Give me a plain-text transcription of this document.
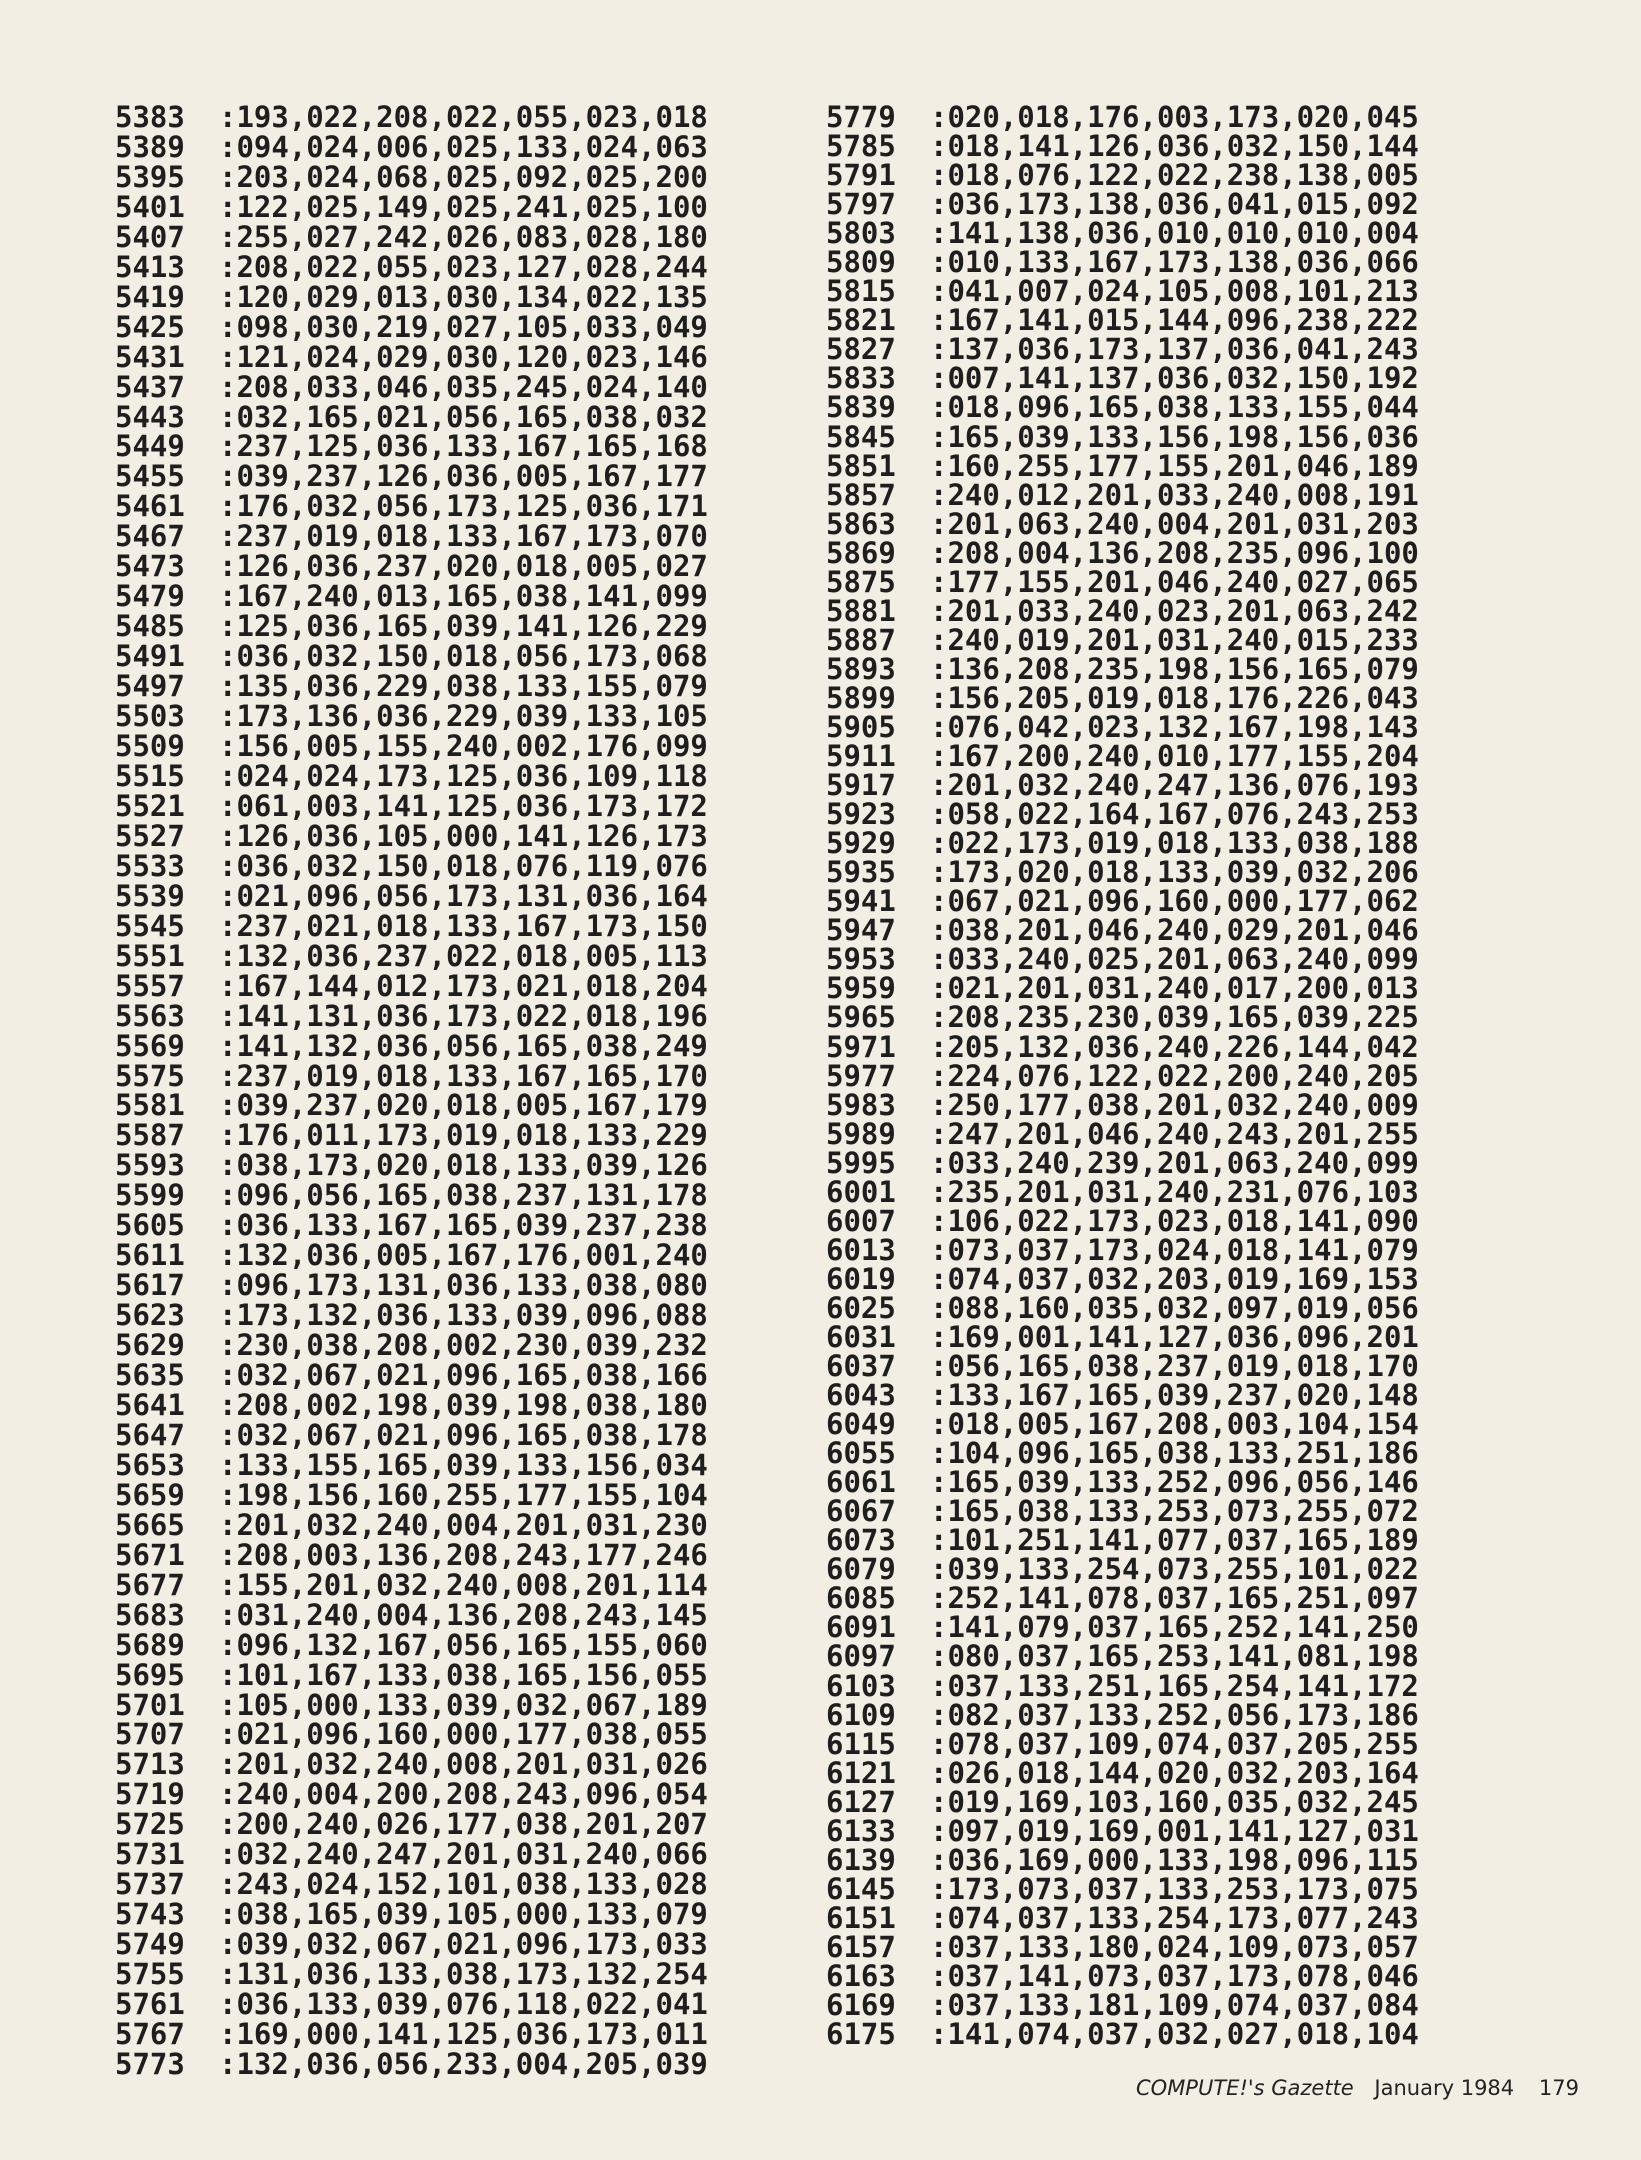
5383 :193,022,208,022,055,023,018
5389 :094,024,006,025,133,024,063
5395 :203,024,068,025,092,025,200
5401 :122,025,149,025,241,025,100
5407 :255,027,242,026,083,028,180
5413 :208,022,055,023,127,028,244
5419 :120,029,013,030,134,022,135
5425 :098,030,219,027,105,033,049
5431 :121,024,029,030,120,023,146
5437 :208,033,046,035,245,024,140
5443 :032,165,021,056,165,038,032
5449 :237,125,036,133,167,165,168
5455 :039,237,126,036,005,167,177
5461 :176,032,056,173,125,036,171
5467 :237,019,018,133,167,173,070
5473 :126,036,237,020,018,005,027
5479 :167,240,013,165,038,141,099
5485 :125,036,165,039,141,126,229
5491 :036,032,150,018,056,173,068
5497 :135,036,229,038,133,155,079
5503 :173,136,036,229,039,133,105
5509 :156,005,155,240,002,176,099
5515 :024,024,173,125,036,109,118
5521 :061,003,141,125,036,173,172
5527 :126,036,105,000,141,126,173
5533 :036,032,150,018,076,119,076
5539 :021,096,056,173,131,036,164
5545 :237,021,018,133,167,173,150
5551 :132,036,237,022,018,005,113
5557 :167,144,012,173,021,018,204
5563 :141,131,036,173,022,018,196
5569 :141,132,036,056,165,038,249
5575 :237,019,018,133,167,165,170
5581 :039,237,020,018,005,167,179
5587 :176,011,173,019,018,133,229
5593 :038,173,020,018,133,039,126
5599 :096,056,165,038,237,131,178
5605 :036,133,167,165,039,237,238
5611 :132,036,005,167,176,001,240
5617 :096,173,131,036,133,038,080
5623 :173,132,036,133,039,096,088
5629 :230,038,208,002,230,039,232
5635 :032,067,021,096,165,038,166
5641 :208,002,198,039,198,038,180
5647 :032,067,021,096,165,038,178
5653 :133,155,165,039,133,156,034
5659 :198,156,160,255,177,155,104
5665 :201,032,240,004,201,031,230
5671 :208,003,136,208,243,177,246
5677 :155,201,032,240,008,201,114
5683 :031,240,004,136,208,243,145
5689 :096,132,167,056,165,155,060
5695 :101,167,133,038,165,156,055
5701 :105,000,133,039,032,067,189
5707 :021,096,160,000,177,038,055
5713 :201,032,240,008,201,031,026
5719 :240,004,200,208,243,096,054
5725 :200,240,026,177,038,201,207
5731 :032,240,247,201,031,240,066
5737 :243,024,152,101,038,133,028
5743 :038,165,039,105,000,133,079
5749 :039,032,067,021,096,173,033
5755 :131,036,133,038,173,132,254
5761 :036,133,039,076,118,022,041
5767 :169,000,141,125,036,173,011
5773 :132,036,056,233,004,205,039
5779 :020,018,176,003,173,020,045
5785 :018,141,126,036,032,150,144
5791 :018,076,122,022,238,138,005
5797 :036,173,138,036,041,015,092
5803 :141,138,036,010,010,010,004
5809 :010,133,167,173,138,036,066
5815 :041,007,024,105,008,101,213
5821 :167,141,015,144,096,238,222
5827 :137,036,173,137,036,041,243
5833 :007,141,137,036,032,150,192
5839 :018,096,165,038,133,155,044
5845 :165,039,133,156,198,156,036
5851 :160,255,177,155,201,046,189
5857 :240,012,201,033,240,008,191
5863 :201,063,240,004,201,031,203
5869 :208,004,136,208,235,096,100
5875 :177,155,201,046,240,027,065
5881 :201,033,240,023,201,063,242
5887 :240,019,201,031,240,015,233
5893 :136,208,235,198,156,165,079
5899 :156,205,019,018,176,226,043
5905 :076,042,023,132,167,198,143
5911 :167,200,240,010,177,155,204
5917 :201,032,240,247,136,076,193
5923 :058,022,164,167,076,243,253
5929 :022,173,019,018,133,038,188
5935 :173,020,018,133,039,032,206
5941 :067,021,096,160,000,177,062
5947 :038,201,046,240,029,201,046
5953 :033,240,025,201,063,240,099
5959 :021,201,031,240,017,200,013
5965 :208,235,230,039,165,039,225
5971 :205,132,036,240,226,144,042
5977 :224,076,122,022,200,240,205
5983 :250,177,038,201,032,240,009
5989 :247,201,046,240,243,201,255
5995 :033,240,239,201,063,240,099
6001 :235,201,031,240,231,076,103
6007 :106,022,173,023,018,141,090
6013 :073,037,173,024,018,141,079
6019 :074,037,032,203,019,169,153
6025 :088,160,035,032,097,019,056
6031 :169,001,141,127,036,096,201
6037 :056,165,038,237,019,018,170
6043 :133,167,165,039,237,020,148
6049 :018,005,167,208,003,104,154
6055 :104,096,165,038,133,251,186
6061 :165,039,133,252,096,056,146
6067 :165,038,133,253,073,255,072
6073 :101,251,141,077,037,165,189
6079 :039,133,254,073,255,101,022
6085 :252,141,078,037,165,251,097
6091 :141,079,037,165,252,141,250
6097 :080,037,165,253,141,081,198
6103 :037,133,251,165,254,141,172
6109 :082,037,133,252,056,173,186
6115 :078,037,109,074,037,205,255
6121 :026,018,144,020,032,203,164
6127 :019,169,103,160,035,032,245
6133 :097,019,169,001,141,127,031
6139 :036,169,000,133,198,096,115
6145 :173,073,037,133,253,173,075
6151 :074,037,133,254,173,077,243
6157 :037,133,180,024,109,073,057
6163 :037,141,073,037,173,078,046
6169 :037,133,181,109,074,037,084
6175 :141,074,037,032,027,018,104
COMPUTE!'s Gazette January 1984 179
